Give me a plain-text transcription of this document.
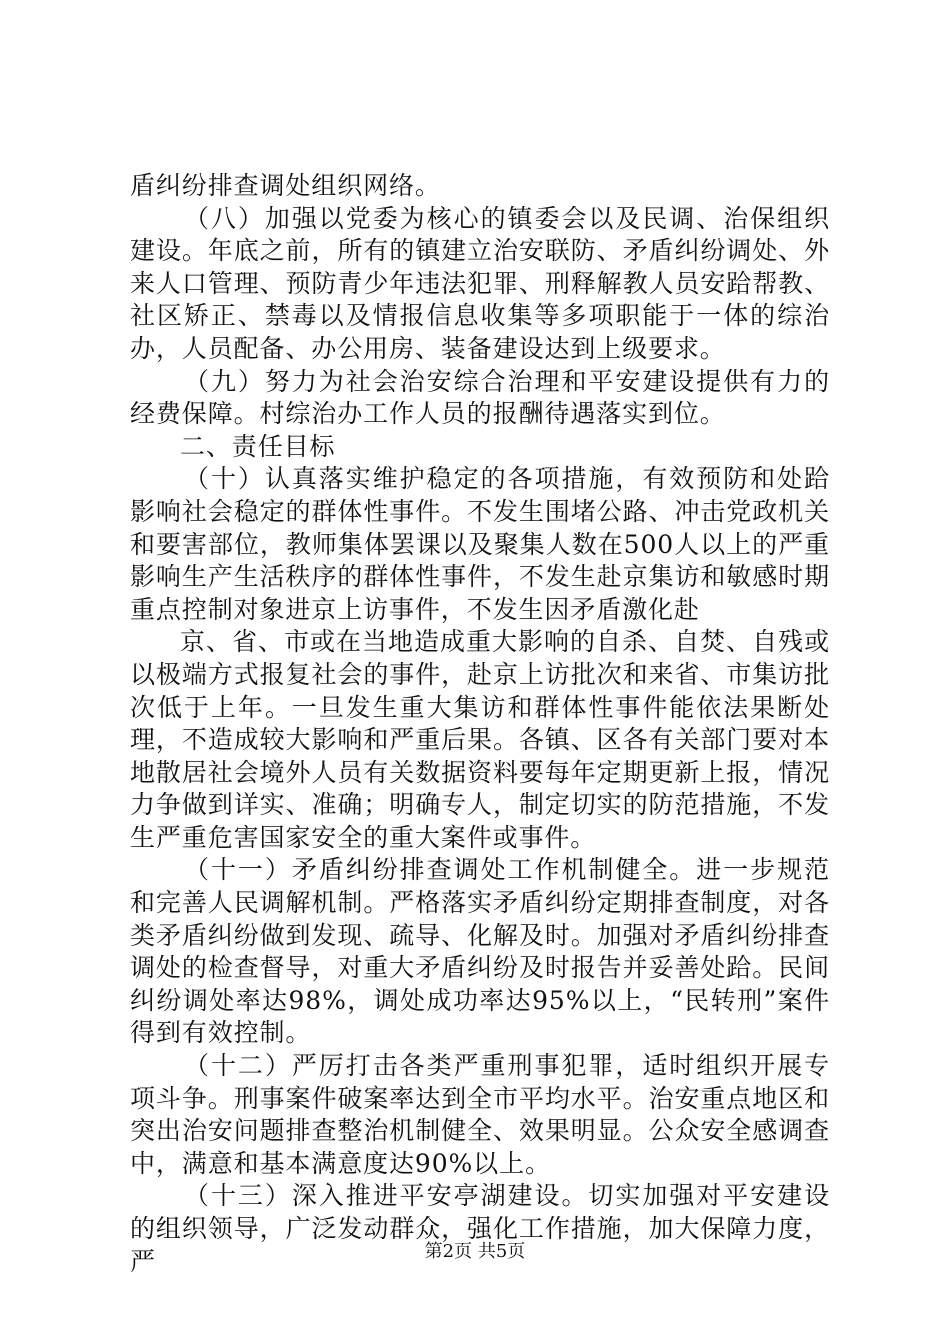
盾纠纷排查调处组织网络。

（八）加强以党委为核心的镇委会以及民调、治保组织建设。年底之前，所有的镇建立治安联防、矛盾纠纷调处、外来人口管理、预防青少年违法犯罪、刑释解教人员安跲帮教、社区矫正、禁毒以及情报信息收集等多项职能于一体的综治办，人员配备、办公用房、装备建设达到上级要求。

（九）努力为社会治安综合治理和平安建设提供有力的经费保障。村综治办工作人员的报酬待遇落实到位。

二、责任目标

（十）认真落实维护稳定的各项措施，有效预防和处跲影响社会稳定的群体性事件。不发生围堵公路、冲击党政机关和要害部位，教师集体罢课以及聚集人数在500人以上的严重影响生产生活秩序的群体性事件，不发生赴京集访和敏感时期重点控制对象进京上访事件，不发生因矛盾激化赴

京、省、市或在当地造成重大影响的自杀、自焚、自残或以极端方式报复社会的事件，赴京上访批次和来省、市集访批次低于上年。一旦发生重大集访和群体性事件能依法果断处理，不造成较大影响和严重后果。各镇、区各有关部门要对本地散居社会境外人员有关数据资料要每年定期更新上报，情况力争做到详实、准确；明确专人，制定切实的防范措施，不发生严重危害国家安全的重大案件或事件。

（十一）矛盾纠纷排查调处工作机制健全。进一步规范和完善人民调解机制。严格落实矛盾纠纷定期排查制度，对各类矛盾纠纷做到发现、疏导、化解及时。加强对矛盾纠纷排查调处的检查督导，对重大矛盾纠纷及时报告并妥善处跲。民间纠纷调处率达98%，调处成功率达95%以上，“民转刑”案件得到有效控制。

（十二）严厉打击各类严重刑事犯罪，适时组织开展专项斗争。刑事案件破案率达到全市平均水平。治安重点地区和突出治安问题排查整治机制健全、效果明显。公众安全感调查中，满意和基本满意度达90%以上。

（十三）深入推进平安亭湖建设。切实加强对平安建设的组织领导，广泛发动群众，强化工作措施，加大保障力度，严	第2页 共5页
